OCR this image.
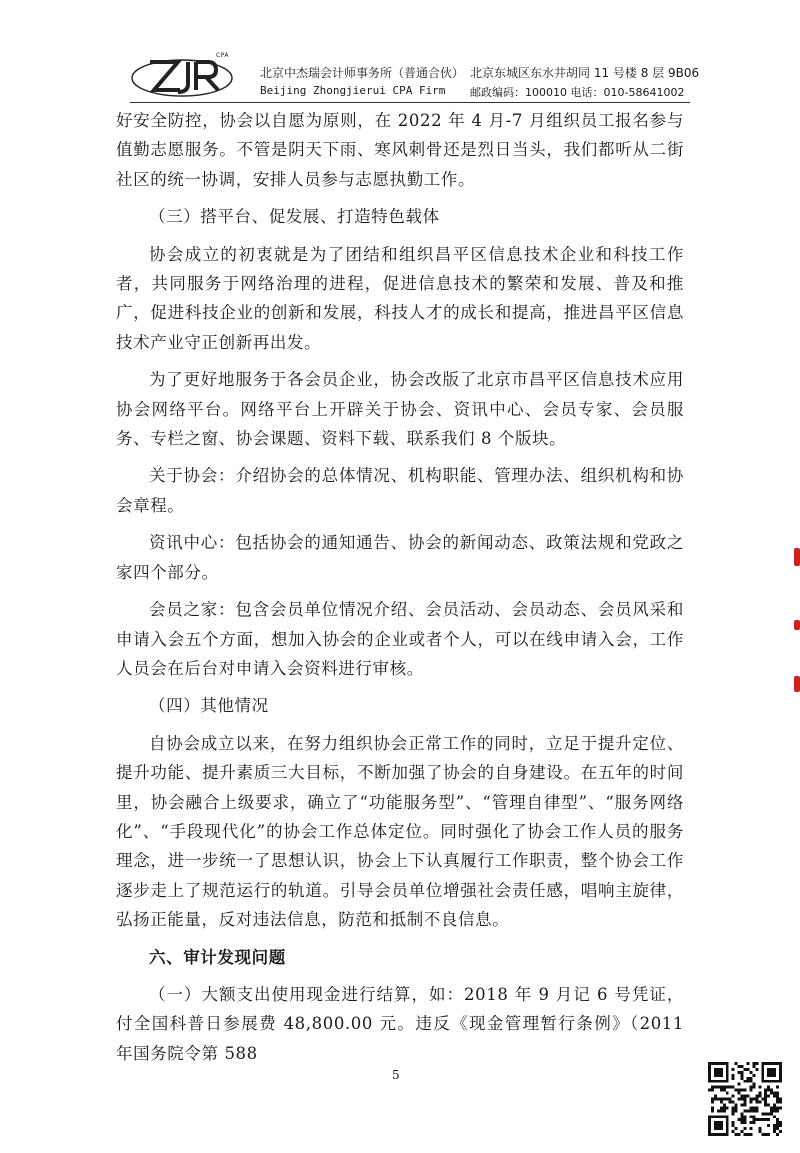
CPA
北京中杰瑞会计师事务所（普通合伙）
Beijing Zhongjierui CPA Firm
北京东城区东水井胡同 11 号楼 8 层 9B06
邮政编码：100010 电话：010-58641002

好安全防控，协会以自愿为原则，在 2022 年 4 月-7 月组织员工报名参与值勤志愿服务。不管是阴天下雨、寒风刺骨还是烈日当头，我们都听从二街社区的统一协调，安排人员参与志愿执勤工作。

（三）搭平台、促发展、打造特色载体

协会成立的初衷就是为了团结和组织昌平区信息技术企业和科技工作者，共同服务于网络治理的进程，促进信息技术的繁荣和发展、普及和推广，促进科技企业的创新和发展，科技人才的成长和提高，推进昌平区信息技术产业守正创新再出发。

为了更好地服务于各会员企业，协会改版了北京市昌平区信息技术应用协会网络平台。网络平台上开辟关于协会、资讯中心、会员专家、会员服务、专栏之窗、协会课题、资料下载、联系我们 8 个版块。

关于协会：介绍协会的总体情况、机构职能、管理办法、组织机构和协会章程。

资讯中心：包括协会的通知通告、协会的新闻动态、政策法规和党政之家四个部分。

会员之家：包含会员单位情况介绍、会员活动、会员动态、会员风采和申请入会五个方面，想加入协会的企业或者个人，可以在线申请入会，工作人员会在后台对申请入会资料进行审核。

（四）其他情况

自协会成立以来，在努力组织协会正常工作的同时，立足于提升定位、提升功能、提升素质三大目标，不断加强了协会的自身建设。在五年的时间里，协会融合上级要求，确立了“功能服务型”、“管理自律型”、“服务网络化”、“手段现代化”的协会工作总体定位。同时强化了协会工作人员的服务理念，进一步统一了思想认识，协会上下认真履行工作职责，整个协会工作逐步走上了规范运行的轨道。引导会员单位增强社会责任感，唱响主旋律，弘扬正能量，反对违法信息，防范和抵制不良信息。

六、审计发现问题

（一）大额支出使用现金进行结算，如：2018 年 9 月记 6 号凭证，付全国科普日参展费 48,800.00 元。违反《现金管理暂行条例》（2011 年国务院令第 588

5
